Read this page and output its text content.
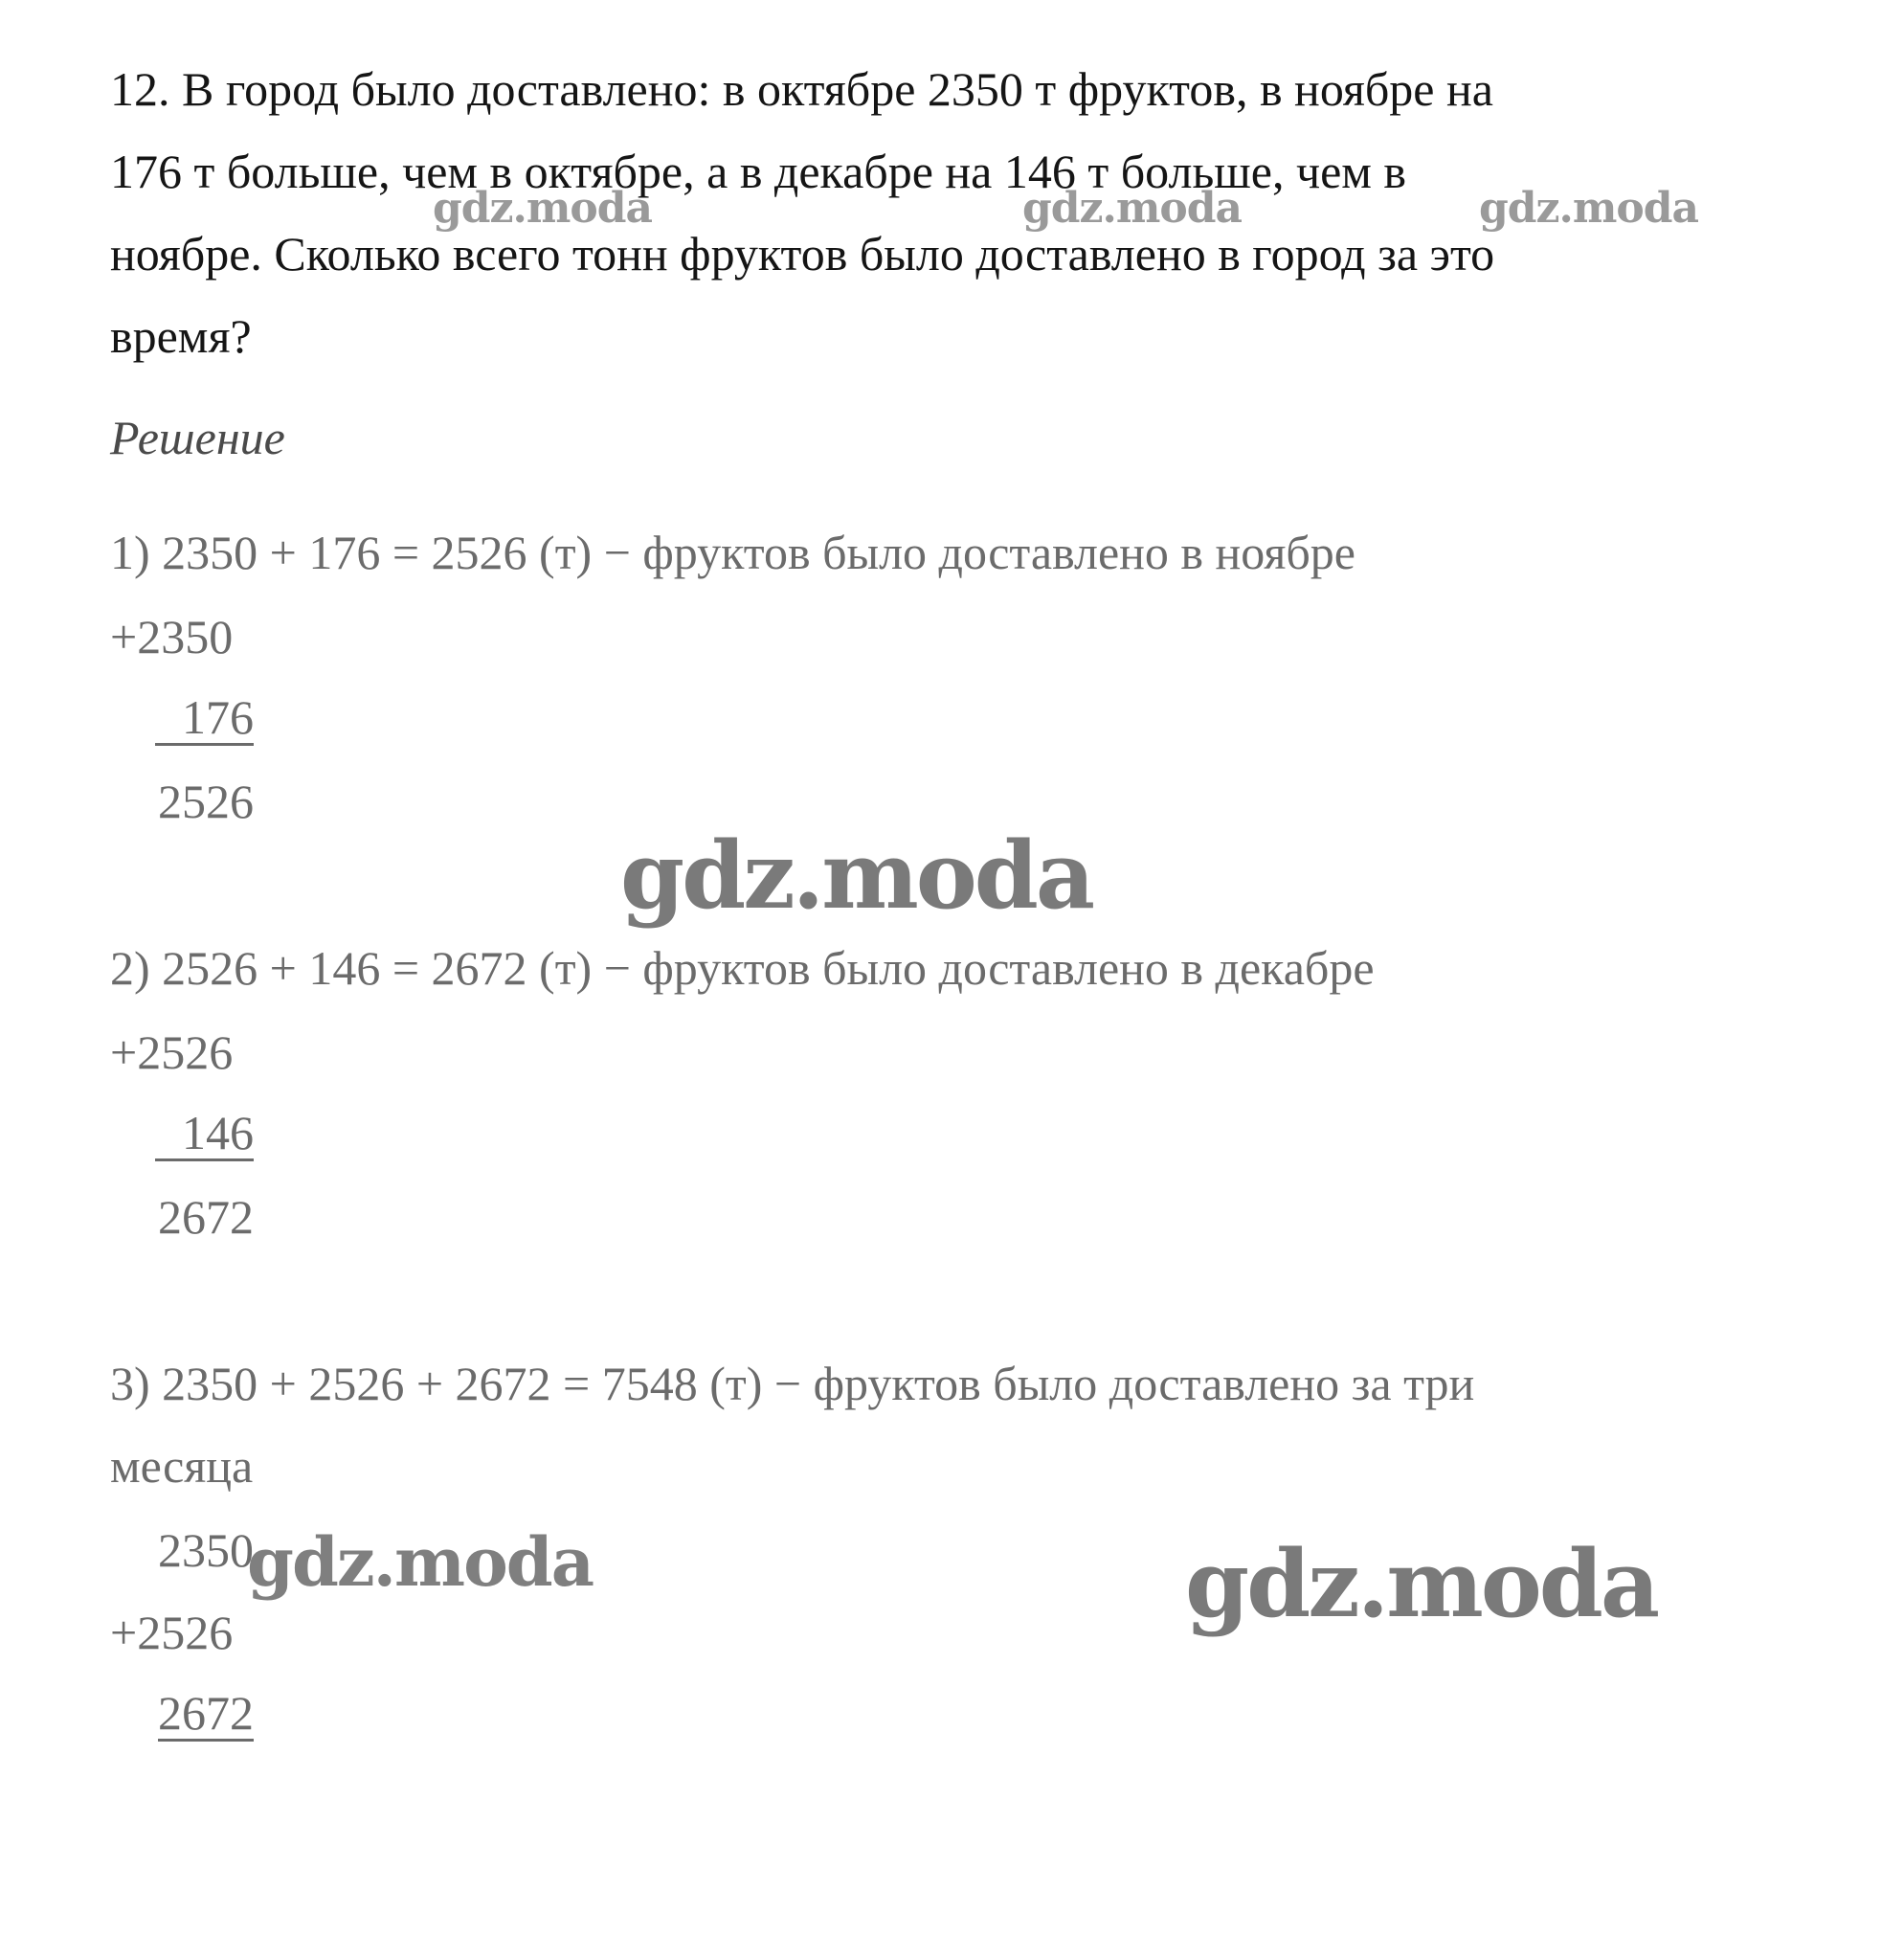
12. В город было доставлено: в октябре 2350 т фруктов, в ноябре на
176 т больше, чем в октябре, а в декабре на 146 т больше, чем в
ноябре. Сколько всего тонн фруктов было доставлено в город за это
время?
Решение
1) 2350 + 176 = 2526 (т) − фруктов было доставлено в ноябре
+2350
176
2526
2) 2526 + 146 = 2672 (т) − фруктов было доставлено в декабре
+2526
146
2672
3) 2350 + 2526 + 2672 = 7548 (т) − фруктов было доставлено за три
месяца
2350
+2526
2672
gdz.moda	gdz.moda	gdz.moda
gdz.moda
gdz.moda	gdz.moda
